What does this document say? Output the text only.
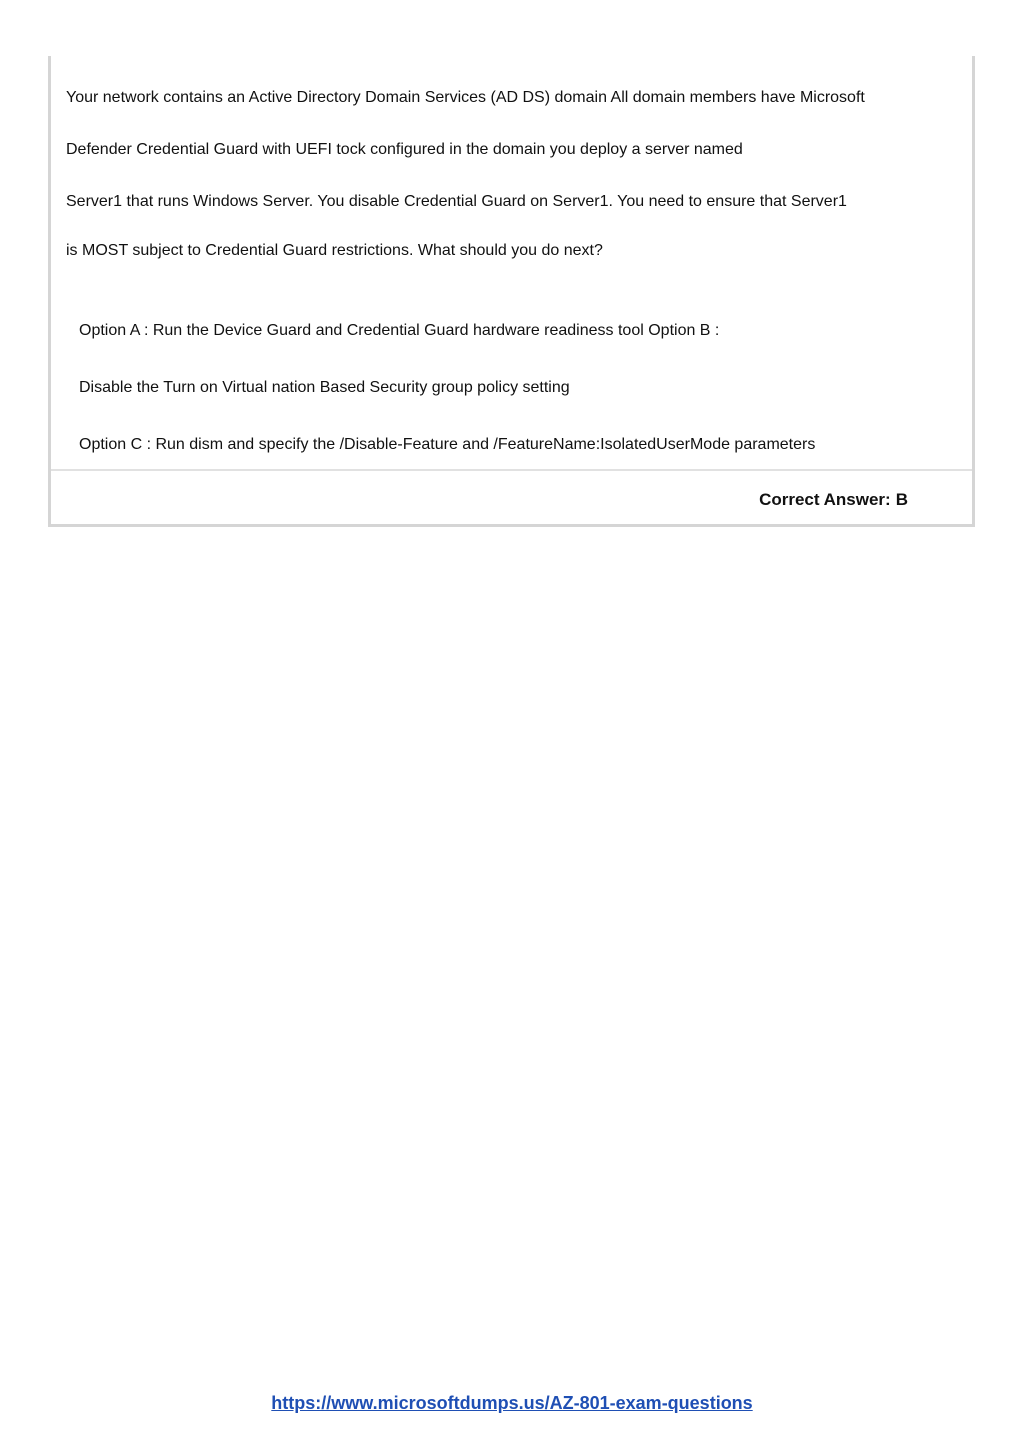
Your network contains an Active Directory Domain Services (AD DS) domain All domain members have Microsoft
Defender Credential Guard with UEFI tock configured in the domain you deploy a server named
Server1 that runs Windows Server. You disable Credential Guard on Server1. You need to ensure that Server1
is MOST subject to Credential Guard restrictions. What should you do next?
Option A : Run the Device Guard and Credential Guard hardware readiness tool Option B :
Disable the Turn on Virtual nation Based Security group policy setting
Option C : Run dism and specify the /Disable-Feature and /FeatureName:IsolatedUserMode parameters
Correct Answer: B
https://www.microsoftdumps.us/AZ-801-exam-questions
